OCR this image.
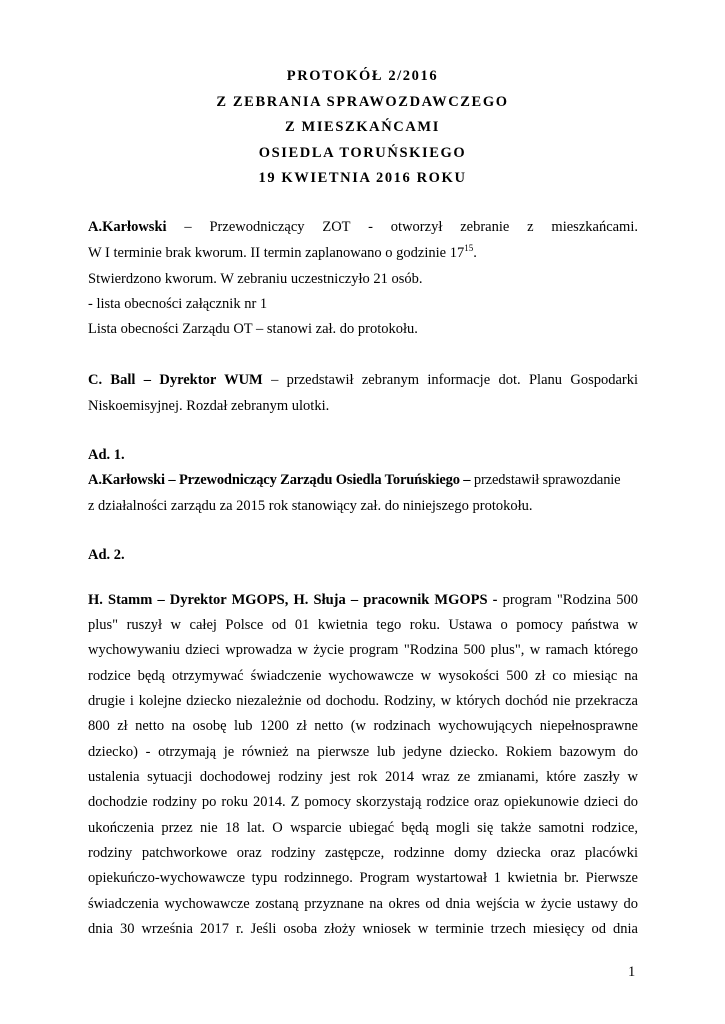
PROTOKÓŁ 2/2016
Z ZEBRANIA SPRAWOZDAWCZEGO
Z MIESZKAŃCAMI
OSIEDLA TORUŃSKIEGO
19 KWIETNIA 2016 ROKU
A.Karłowski – Przewodniczący ZOT - otworzył zebranie z mieszkańcami.
W I terminie brak kworum. II termin zaplanowano o godzinie $17^{15}$.
Stwierdzono kworum. W zebraniu uczestniczyło 21 osób.
- lista obecności załącznik nr 1
Lista obecności Zarządu OT – stanowi zał. do protokołu.
C. Ball – Dyrektor WUM – przedstawił zebranym informacje dot. Planu Gospodarki
Niskoemisyjnej. Rozdał zebranym ulotki.
Ad. 1.
A.Karłowski – Przewodniczący Zarządu Osiedla Toruńskiego – przedstawił sprawozdanie
z działalności zarządu za 2015 rok stanowiący zał. do niniejszego protokołu.
Ad. 2.
H. Stamm – Dyrektor MGOPS, H. Słuja – pracownik MGOPS - program "Rodzina 500
plus" ruszył w całej Polsce od 01 kwietnia tego roku. Ustawa o pomocy państwa w
wychowywaniu dzieci wprowadza w życie program "Rodzina 500 plus", w ramach którego
rodzice będą otrzymywać świadczenie wychowawcze w wysokości 500 zł co miesiąc na
drugie i kolejne dziecko niezależnie od dochodu. Rodziny, w których dochód nie przekracza
800 zł netto na osobę lub 1200 zł netto (w rodzinach wychowujących niepełnosprawne
dziecko) - otrzymają je również na pierwsze lub jedyne dziecko. Rokiem bazowym do
ustalenia sytuacji dochodowej rodziny jest rok 2014 wraz ze zmianami, które zaszły w
dochodzie rodziny po roku 2014. Z pomocy skorzystają rodzice oraz opiekunowie dzieci do
ukończenia przez nie 18 lat. O wsparcie ubiegać będą mogli się także samotni rodzice,
rodziny patchworkowe oraz rodziny zastępcze, rodzinne domy dziecka oraz placówki
opiekuńczo-wychowawcze typu rodzinnego. Program wystartował 1 kwietnia br. Pierwsze
świadczenia wychowawcze zostaną przyznane na okres od dnia wejścia w życie ustawy do
dnia 30 września 2017 r. Jeśli osoba złoży wniosek w terminie trzech miesięcy od dnia
1
